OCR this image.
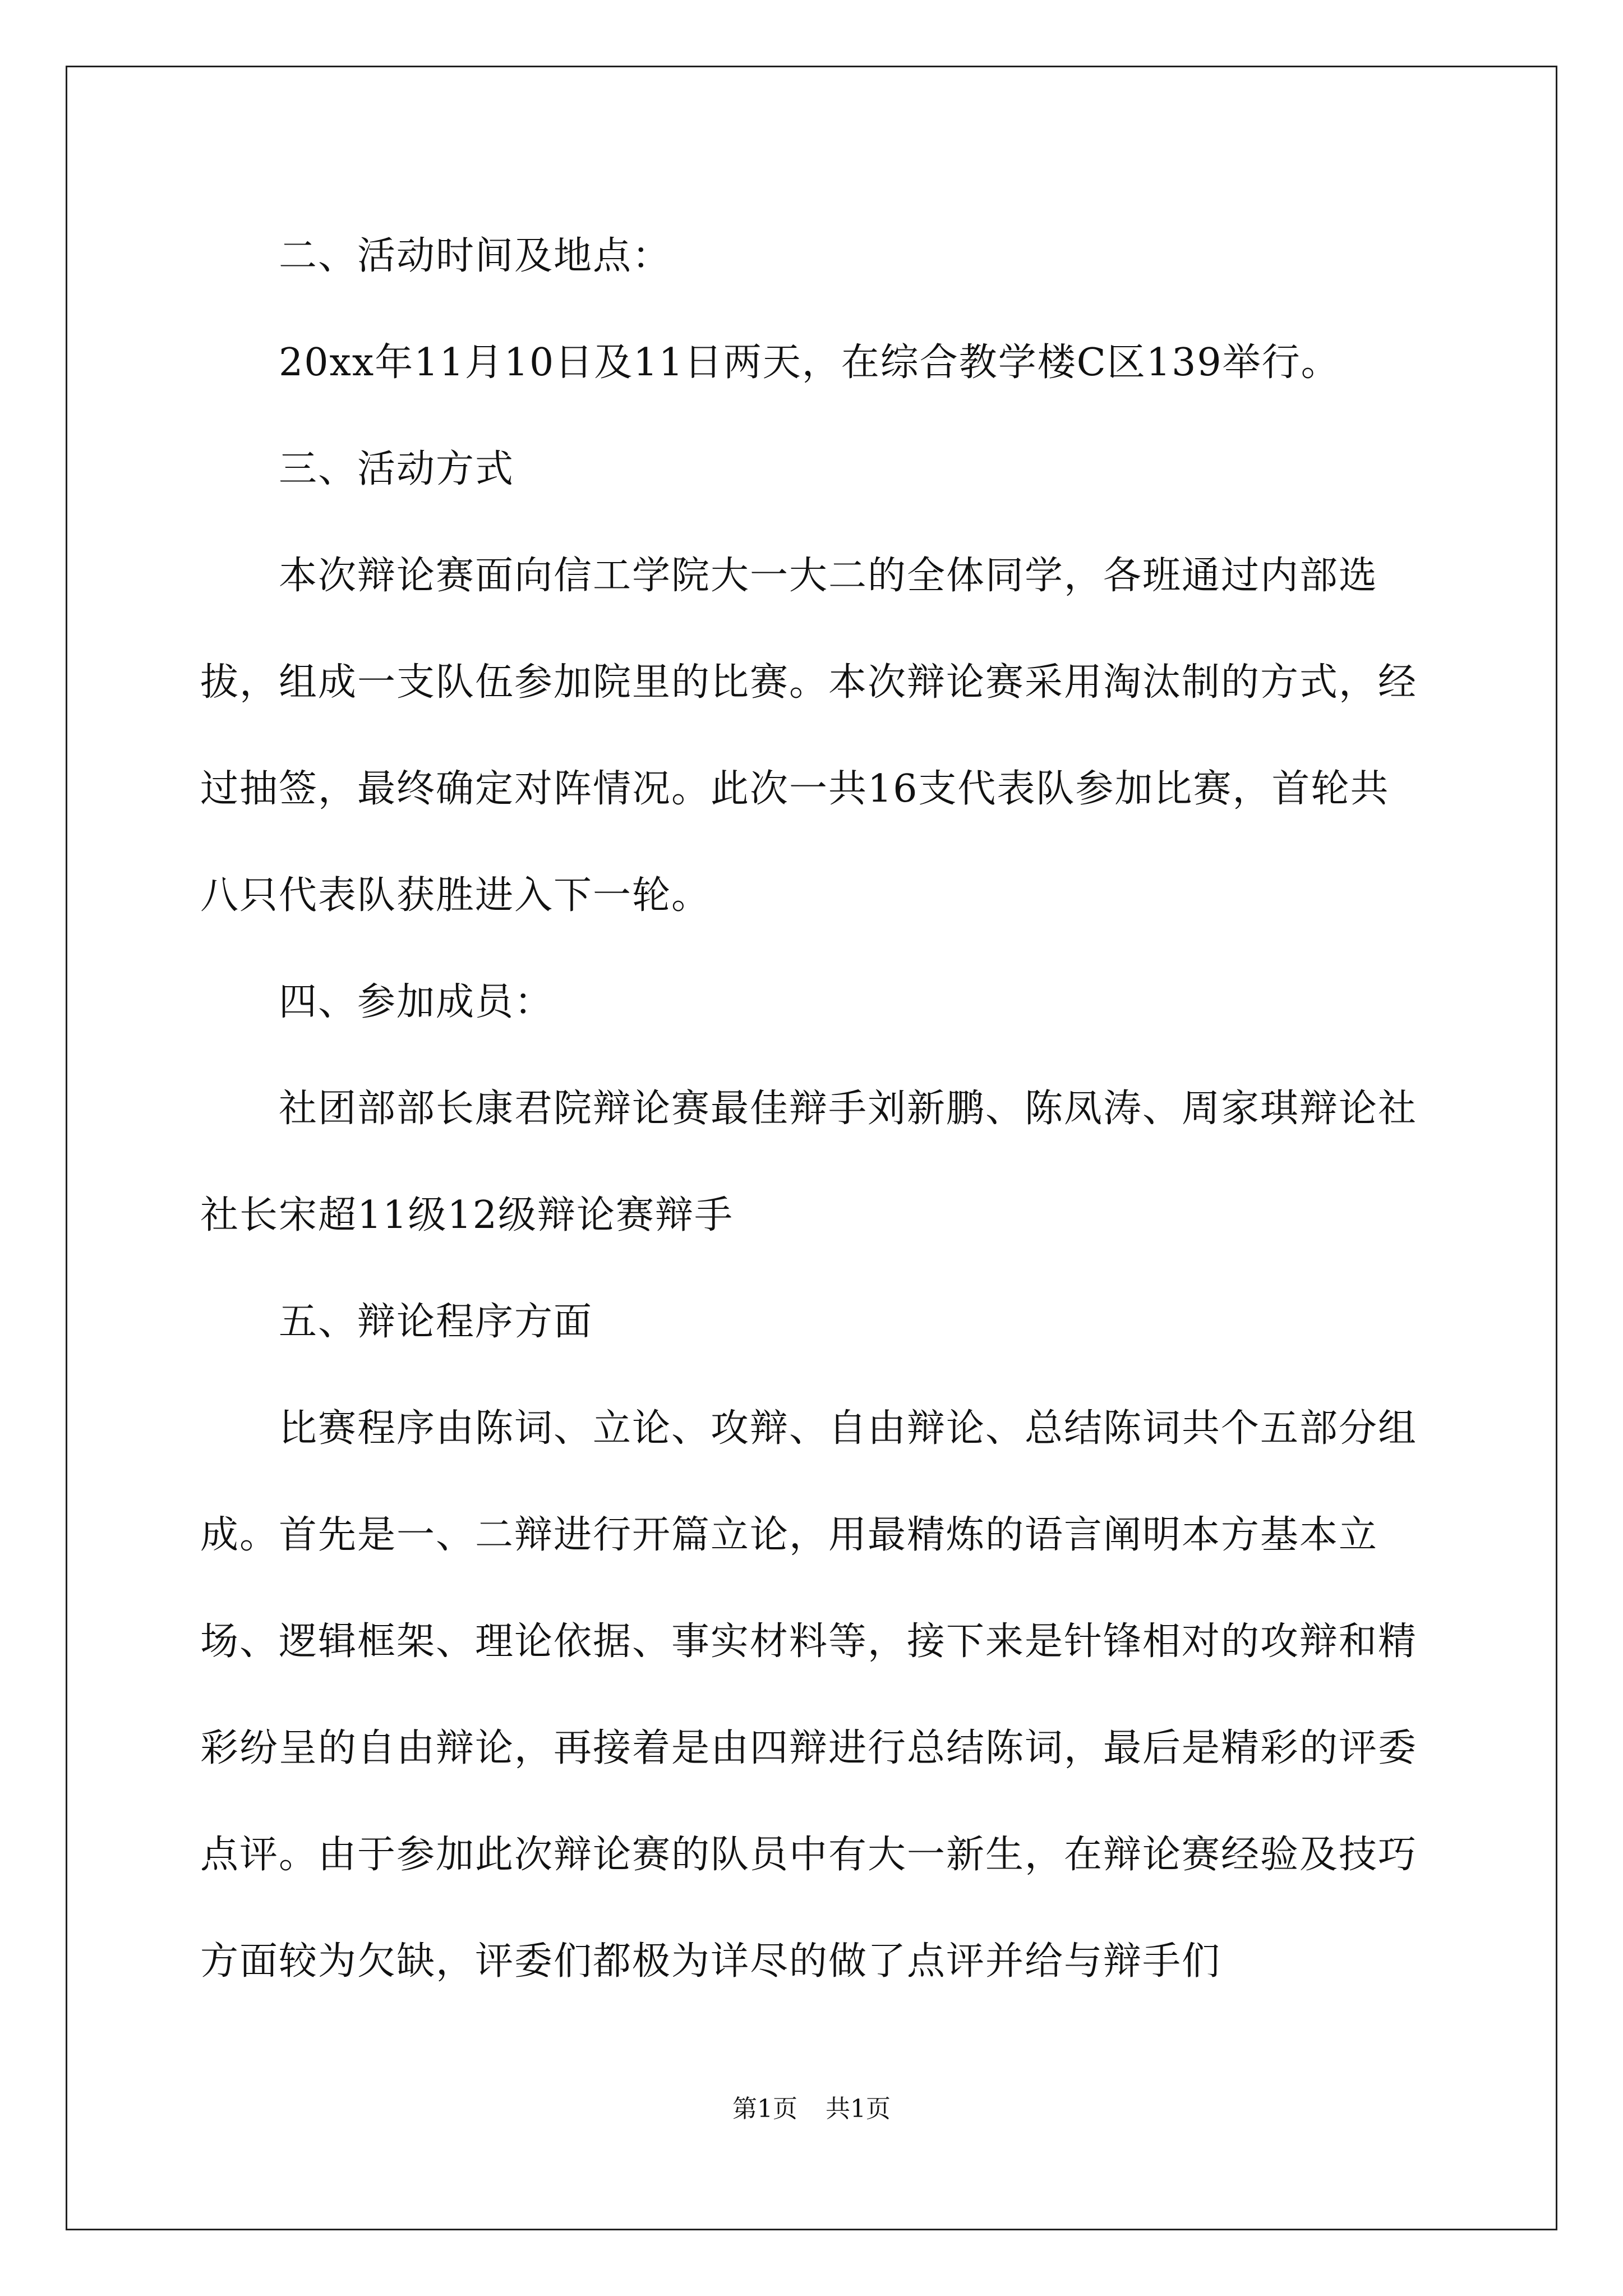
二、活动时间及地点：
20xx年11月10日及11日两天，在综合教学楼C区139举行。
三、活动方式
本次辩论赛面向信工学院大一大二的全体同学，各班通过内部选拔，组成一支队伍参加院里的比赛。本次辩论赛采用淘汰制的方式，经过抽签，最终确定对阵情况。此次一共16支代表队参加比赛，首轮共八只代表队获胜进入下一轮。
四、参加成员：
社团部部长康君院辩论赛最佳辩手刘新鹏、陈凤涛、周家琪辩论社社长宋超11级12级辩论赛辩手
五、辩论程序方面
比赛程序由陈词、立论、攻辩、自由辩论、总结陈词共个五部分组成。首先是一、二辩进行开篇立论，用最精炼的语言阐明本方基本立场、逻辑框架、理论依据、事实材料等，接下来是针锋相对的攻辩和精彩纷呈的自由辩论，再接着是由四辩进行总结陈词，最后是精彩的评委点评。由于参加此次辩论赛的队员中有大一新生，在辩论赛经验及技巧方面较为欠缺，评委们都极为详尽的做了点评并给与辩手们
第1页 共1页
